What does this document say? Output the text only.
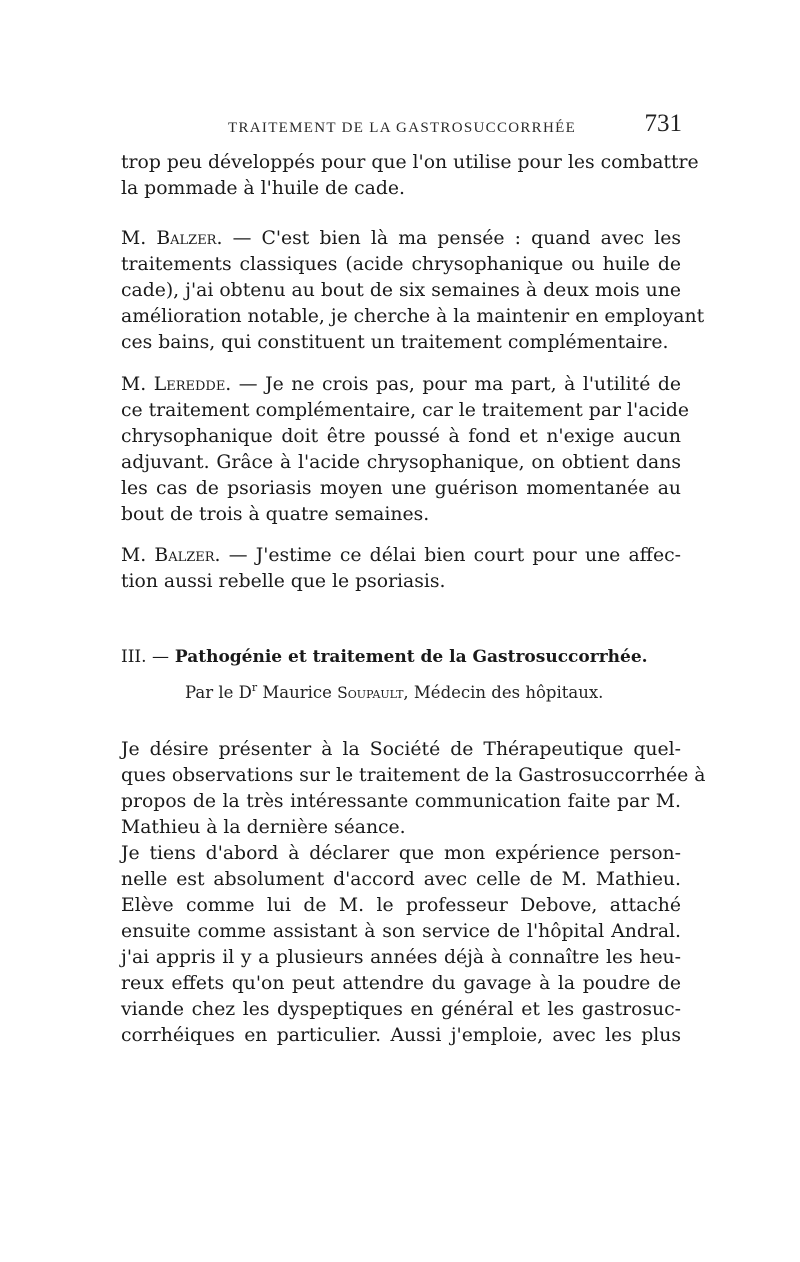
TRAITEMENT DE LA GASTROSUCCORRHÉE	731
trop peu développés pour que l'on utilise pour les combattre
la pommade à l'huile de cade.
M. Balzer. — C'est bien là ma pensée : quand avec les
traitements classiques (acide chrysophanique ou huile de
cade), j'ai obtenu au bout de six semaines à deux mois une
amélioration notable, je cherche à la maintenir en employant
ces bains, qui constituent un traitement complémentaire.
M. Leredde. — Je ne crois pas, pour ma part, à l'utilité de
ce traitement complémentaire, car le traitement par l'acide
chrysophanique doit être poussé à fond et n'exige aucun
adjuvant. Grâce à l'acide chrysophanique, on obtient dans
les cas de psoriasis moyen une guérison momentanée au
bout de trois à quatre semaines.
M. Balzer. — J'estime ce délai bien court pour une affec-
tion aussi rebelle que le psoriasis.
III. — Pathogénie et traitement de la Gastrosuccorrhée.
Par le $D^r$ Maurice Soupault, Médecin des hôpitaux.
Je désire présenter à la Société de Thérapeutique quel-
ques observations sur le traitement de la Gastrosuccorrhée à
propos de la très intéressante communication faite par M.
Mathieu à la dernière séance.
Je tiens d'abord à déclarer que mon expérience person-
nelle est absolument d'accord avec celle de M. Mathieu.
Elève comme lui de M. le professeur Debove, attaché
ensuite comme assistant à son service de l'hôpital Andral.
j'ai appris il y a plusieurs années déjà à connaître les heu-
reux effets qu'on peut attendre du gavage à la poudre de
viande chez les dyspeptiques en général et les gastrosuc-
corrhéiques en particulier. Aussi j'emploie, avec les plus
